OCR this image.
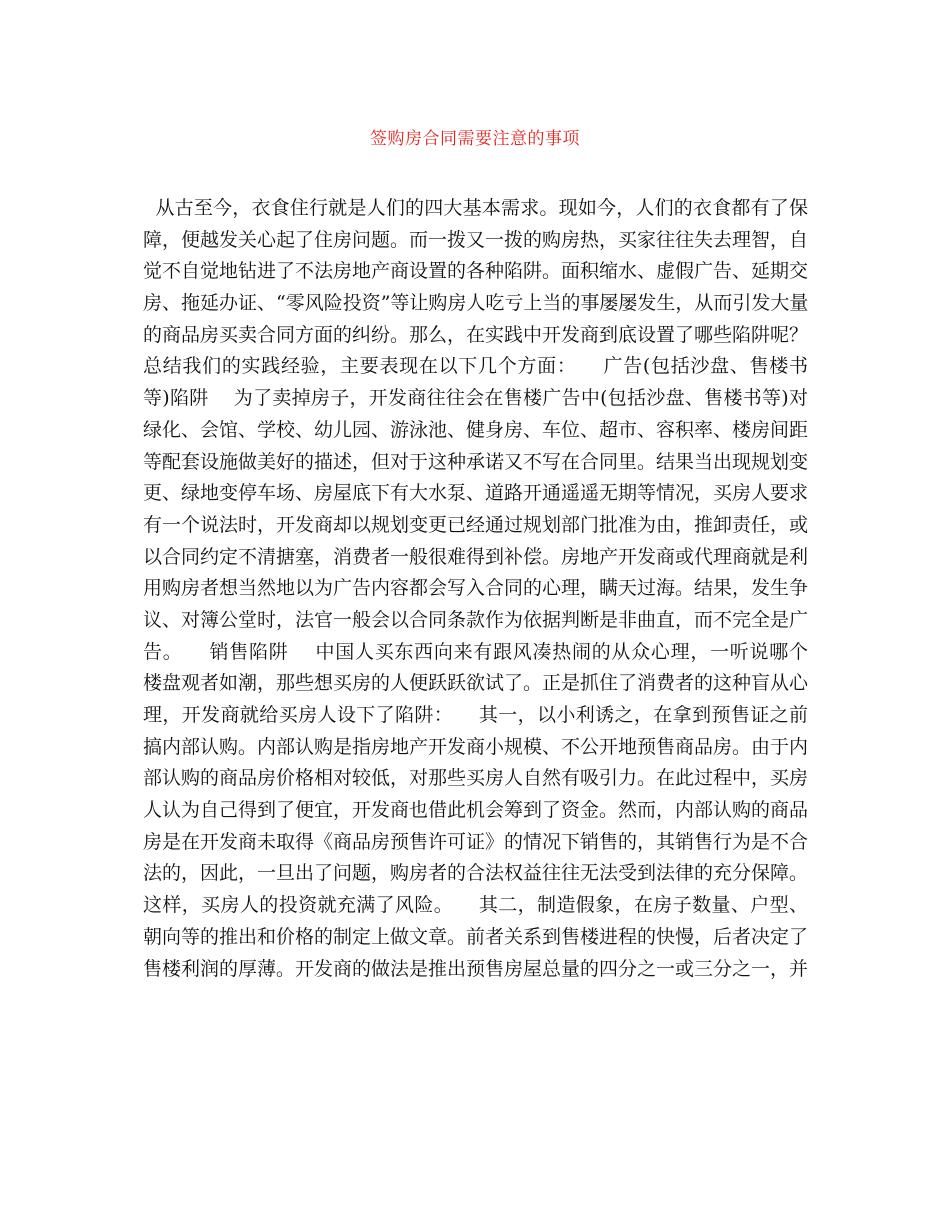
签购房合同需要注意的事项
从古至今，衣食住行就是人们的四大基本需求。现如今，人们的衣食都有了保
障，便越发关心起了住房问题。而一拨又一拨的购房热，买家往往失去理智，自
觉不自觉地钻进了不法房地产商设置的各种陷阱。面积缩水、虚假广告、延期交
房、拖延办证、“零风险投资”等让购房人吃亏上当的事屡屡发生，从而引发大量
的商品房买卖合同方面的纠纷。那么，在实践中开发商到底设置了哪些陷阱呢？
总结我们的实践经验，主要表现在以下几个方面：    广告(包括沙盘、售楼书
等)陷阱    为了卖掉房子，开发商往往会在售楼广告中(包括沙盘、售楼书等)对
绿化、会馆、学校、幼儿园、游泳池、健身房、车位、超市、容积率、楼房间距
等配套设施做美好的描述，但对于这种承诺又不写在合同里。结果当出现规划变
更、绿地变停车场、房屋底下有大水泵、道路开通遥遥无期等情况，买房人要求
有一个说法时，开发商却以规划变更已经通过规划部门批准为由，推卸责任，或
以合同约定不清搪塞，消费者一般很难得到补偿。房地产开发商或代理商就是利
用购房者想当然地以为广告内容都会写入合同的心理，瞒天过海。结果，发生争
议、对簿公堂时，法官一般会以合同条款作为依据判断是非曲直，而不完全是广
告。    销售陷阱    中国人买东西向来有跟风凑热闹的从众心理，一听说哪个
楼盘观者如潮，那些想买房的人便跃跃欲试了。正是抓住了消费者的这种盲从心
理，开发商就给买房人设下了陷阱：    其一，以小利诱之，在拿到预售证之前
搞内部认购。内部认购是指房地产开发商小规模、不公开地预售商品房。由于内
部认购的商品房价格相对较低，对那些买房人自然有吸引力。在此过程中，买房
人认为自己得到了便宜，开发商也借此机会筹到了资金。然而，内部认购的商品
房是在开发商未取得《商品房预售许可证》的情况下销售的，其销售行为是不合
法的，因此，一旦出了问题，购房者的合法权益往往无法受到法律的充分保障。
这样，买房人的投资就充满了风险。    其二，制造假象，在房子数量、户型、
朝向等的推出和价格的制定上做文章。前者关系到售楼进程的快慢，后者决定了
售楼利润的厚薄。开发商的做法是推出预售房屋总量的四分之一或三分之一，并
